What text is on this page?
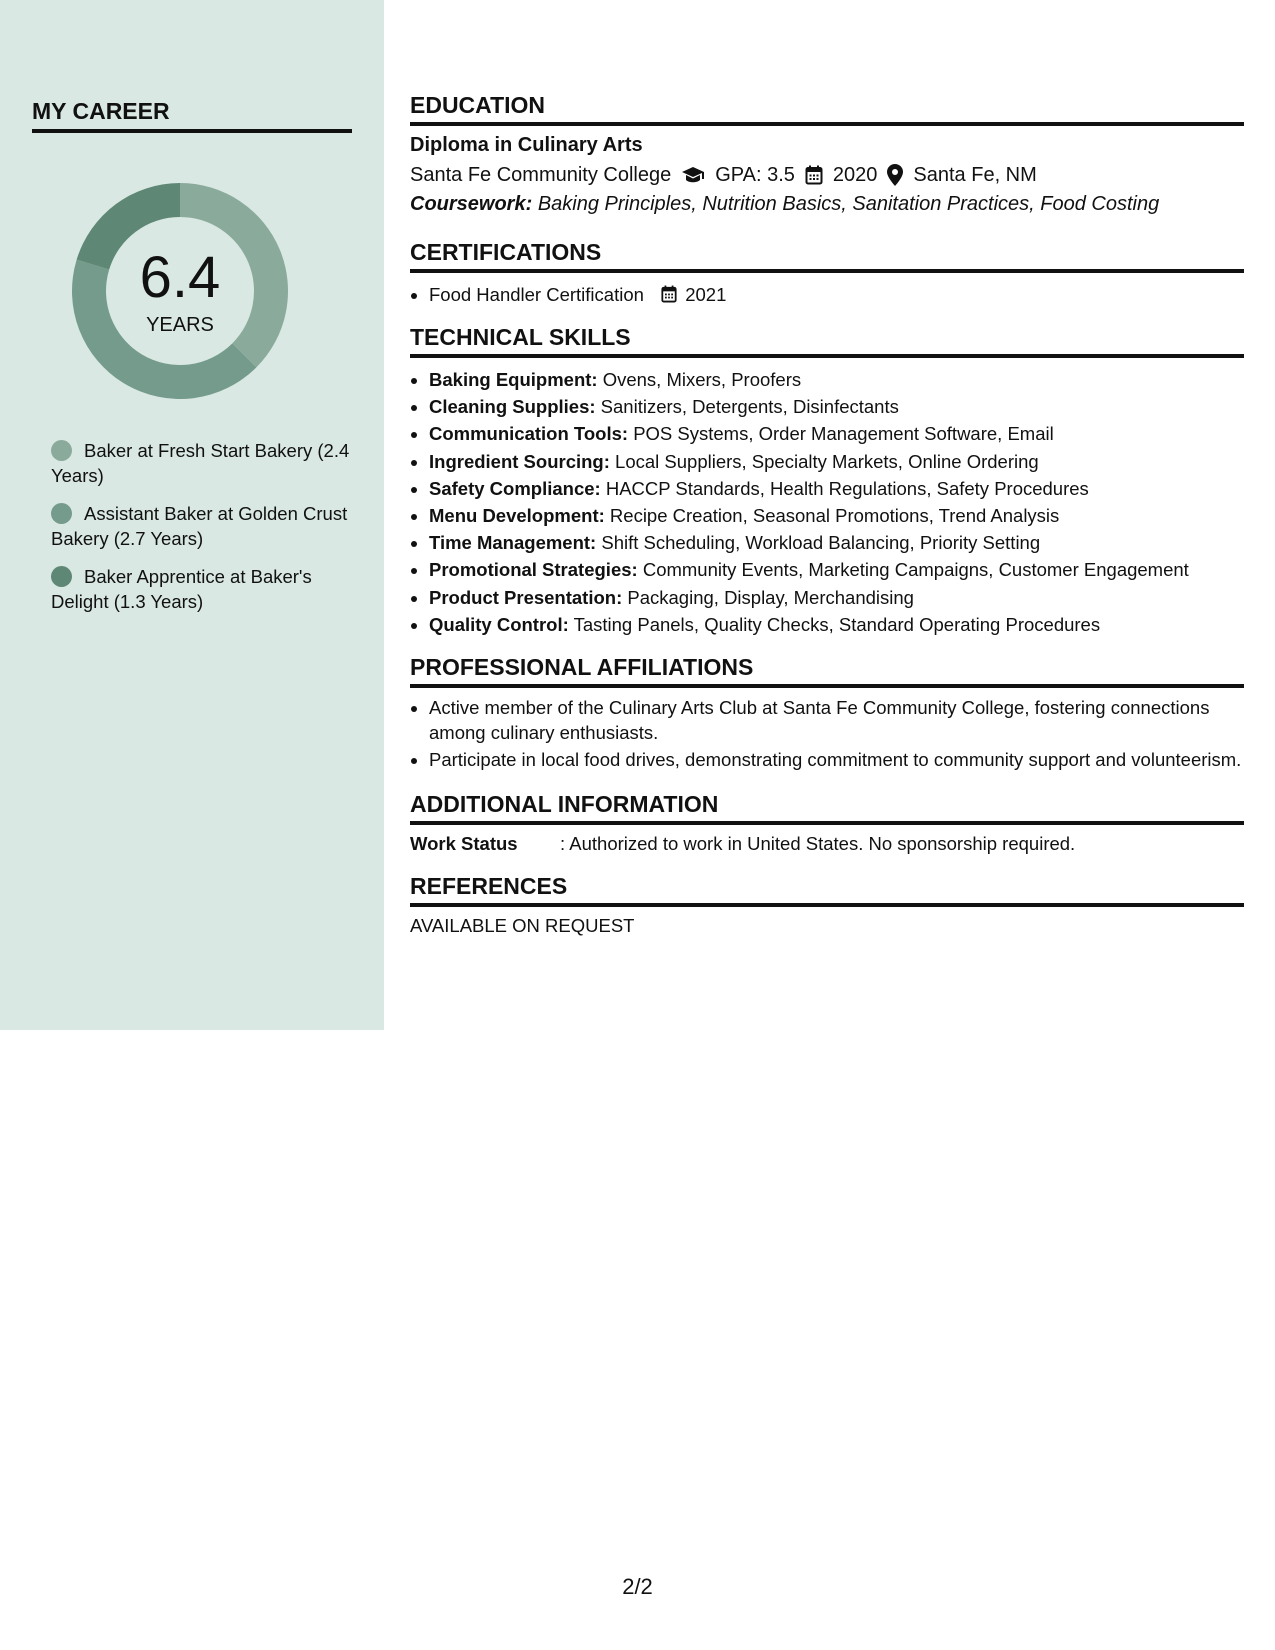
MY CAREER
6.4
YEARS
Baker at Fresh Start Bakery (2.4 Years)
Assistant Baker at Golden Crust Bakery (2.7 Years)
Baker Apprentice at Baker's Delight (1.3 Years)
EDUCATION
Diploma in Culinary Arts
Santa Fe Community College GPA: 3.5 2020 Santa Fe, NM
Coursework: Baking Principles, Nutrition Basics, Sanitation Practices, Food Costing
CERTIFICATIONS
• Food Handler Certification 2021
TECHNICAL SKILLS
• Baking Equipment: Ovens, Mixers, Proofers
• Cleaning Supplies: Sanitizers, Detergents, Disinfectants
• Communication Tools: POS Systems, Order Management Software, Email
• Ingredient Sourcing: Local Suppliers, Specialty Markets, Online Ordering
• Safety Compliance: HACCP Standards, Health Regulations, Safety Procedures
• Menu Development: Recipe Creation, Seasonal Promotions, Trend Analysis
• Time Management: Shift Scheduling, Workload Balancing, Priority Setting
• Promotional Strategies: Community Events, Marketing Campaigns, Customer Engagement
• Product Presentation: Packaging, Display, Merchandising
• Quality Control: Tasting Panels, Quality Checks, Standard Operating Procedures
PROFESSIONAL AFFILIATIONS
• Active member of the Culinary Arts Club at Santa Fe Community College, fostering connections among culinary enthusiasts.
• Participate in local food drives, demonstrating commitment to community support and volunteerism.
ADDITIONAL INFORMATION
Work Status	: Authorized to work in United States. No sponsorship required.
REFERENCES
AVAILABLE ON REQUEST
2/2
